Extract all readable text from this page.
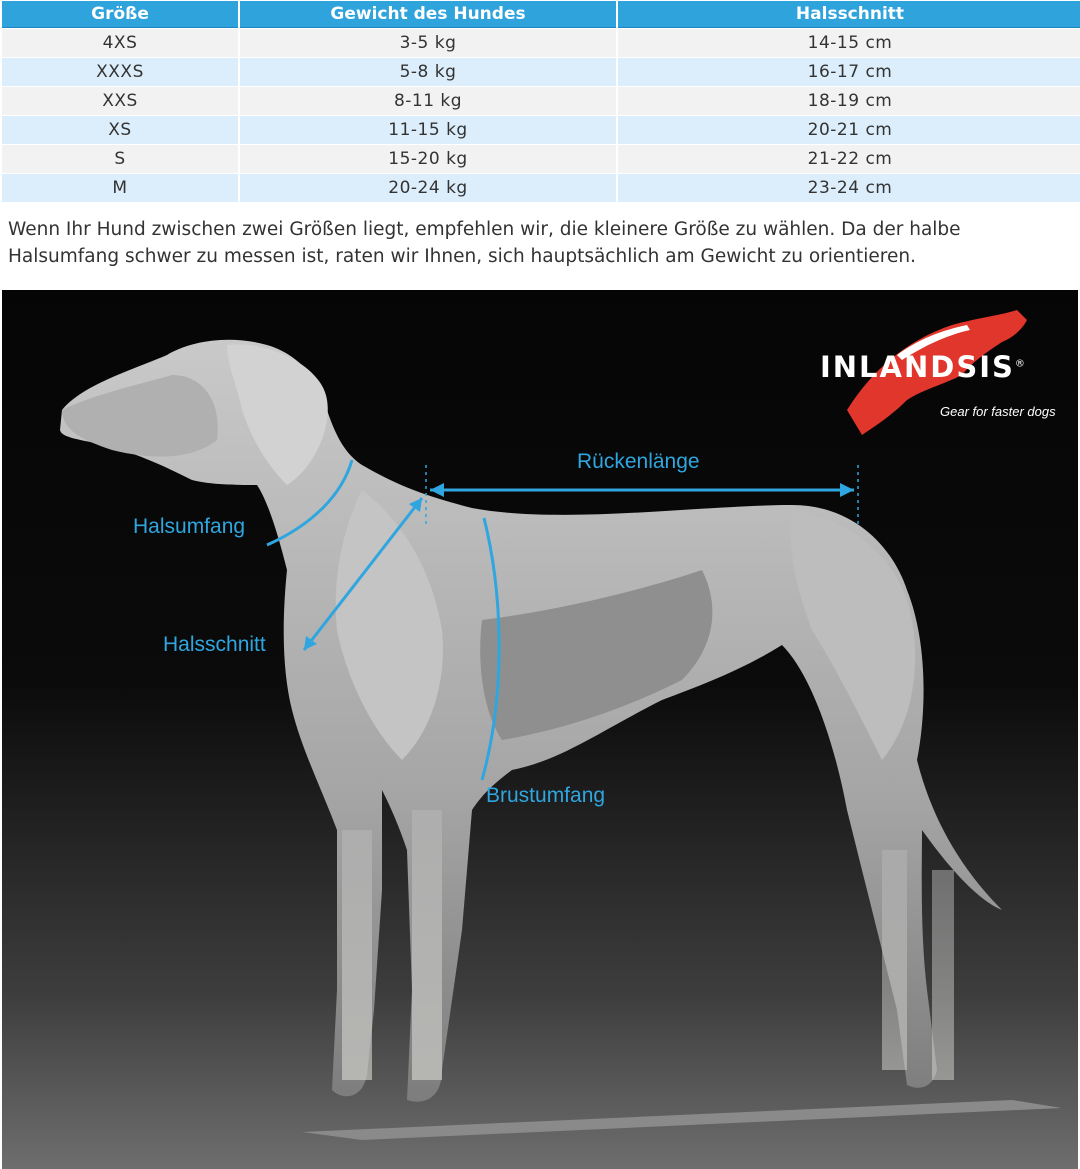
Größe	Gewicht des Hundes	Halsschnitt
4XS	3-5 kg	14-15 cm
XXXS	5-8 kg	16-17 cm
XXS	8-11 kg	18-19 cm
XS	11-15 kg	20-21 cm
S	15-20 kg	21-22 cm
M	20-24 kg	23-24 cm

Wenn Ihr Hund zwischen zwei Größen liegt, empfehlen wir, die kleinere Größe zu wählen. Da der halbe Halsumfang schwer zu messen ist, raten wir Ihnen, sich hauptsächlich am Gewicht zu orientieren.

Rückenlänge
Halsumfang
Halsschnitt
Brustumfang
INLANDSIS®
Gear for faster dogs
